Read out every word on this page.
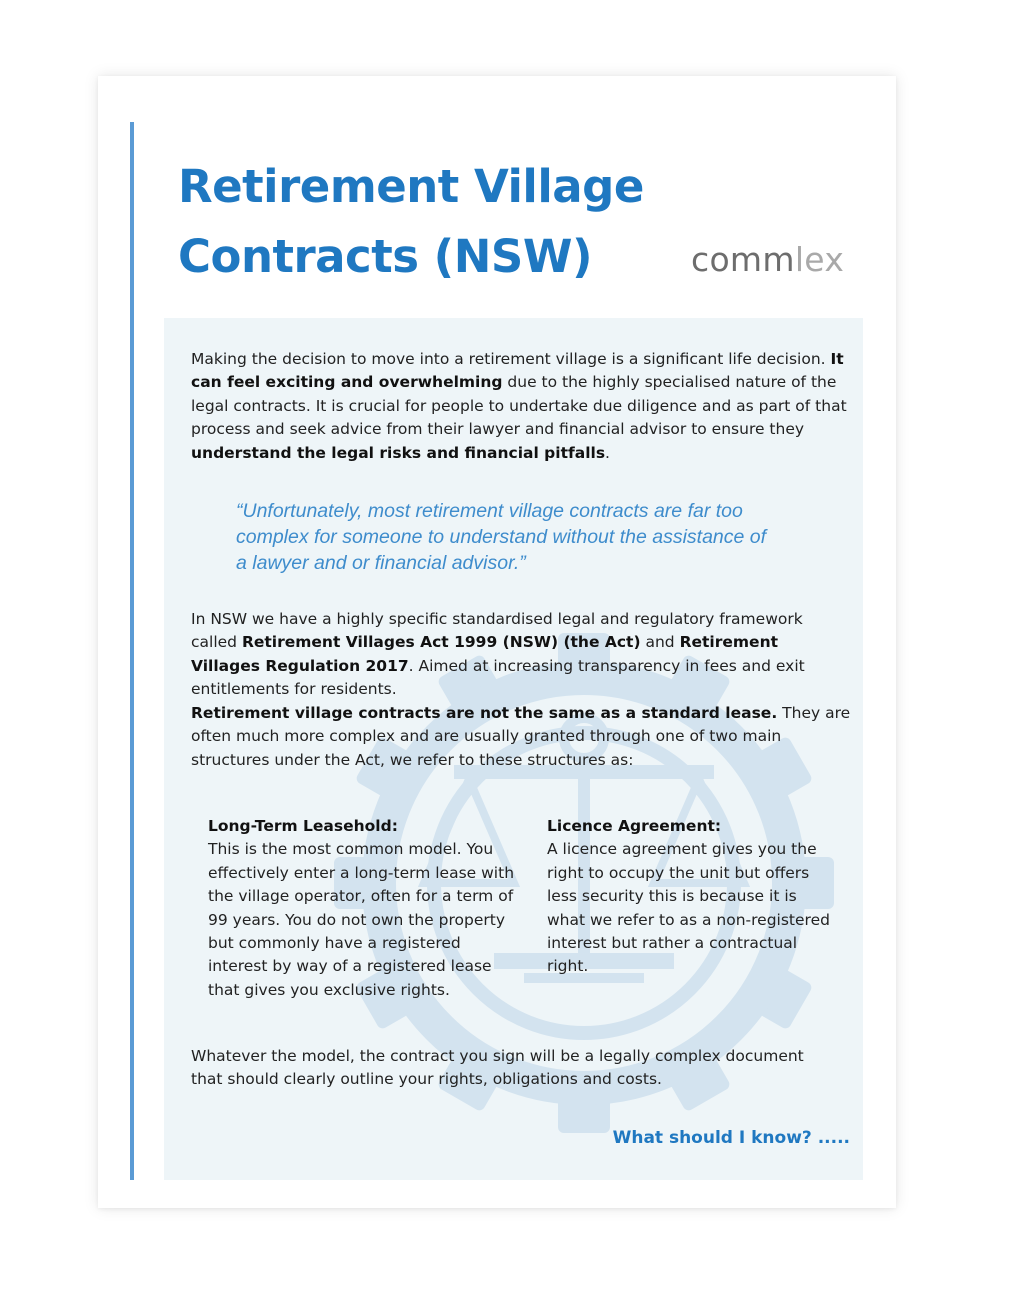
Retirement Village
Contracts (NSW)	commlex

Making the decision to move into a retirement village is a significant life decision. It can feel exciting and overwhelming due to the highly specialised nature of the legal contracts. It is crucial for people to undertake due diligence and as part of that process and seek advice from their lawyer and financial advisor to ensure they understand the legal risks and financial pitfalls.

“Unfortunately, most retirement village contracts are far too complex for someone to understand without the assistance of a lawyer and or financial advisor.”

In NSW we have a highly specific standardised legal and regulatory framework called Retirement Villages Act 1999 (NSW) (the Act) and Retirement Villages Regulation 2017. Aimed at increasing transparency in fees and exit entitlements for residents.

Retirement village contracts are not the same as a standard lease. They are often much more complex and are usually granted through one of two main structures under the Act, we refer to these structures as:

Long-Term Leasehold:

This is the most common model. You effectively enter a long-term lease with the village operator, often for a term of 99 years. You do not own the property but commonly have a registered interest by way of a registered lease that gives you exclusive rights.

Licence Agreement:

A licence agreement gives you the right to occupy the unit but offers less security this is because it is what we refer to as a non-registered interest but rather a contractual right.

Whatever the model, the contract you sign will be a legally complex document that should clearly outline your rights, obligations and costs.

What should I know? .....
